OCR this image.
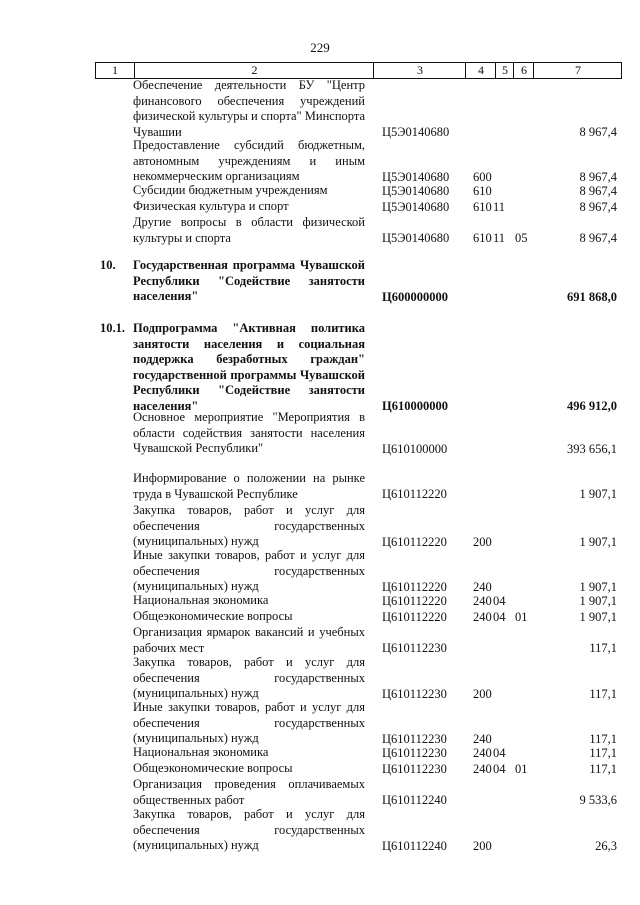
229
1	2	3	4	5	6	7
Обеспечение деятельности БУ "Центр финансового обеспечения учреждений физической культуры и спорта" Минспорта Чувашии	Ц5Э0140680	8 967,4
Предоставление субсидий бюджетным, автономным учреждениям и иным некоммерческим организациям	Ц5Э0140680 600	8 967,4
Субсидии бюджетным учреждениям	Ц5Э0140680 610	8 967,4
Физическая культура и спорт	Ц5Э0140680 610 11	8 967,4
Другие вопросы в области физической культуры и спорта	Ц5Э0140680 610 11 05	8 967,4
10.	Государственная программа Чувашской Республики "Содействие занятости населения"	Ц600000000	691 868,0
10.1. Подпрограмма "Активная политика занятости населения и социальная поддержка безработных граждан" государственной программы Чувашской Республики "Содействие занятости населения"	Ц610000000	496 912,0
Основное мероприятие "Мероприятия в области содействия занятости населения Чувашской Республики"	Ц610100000	393 656,1
Информирование о положении на рынке труда в Чувашской Республике	Ц610112220	1 907,1
Закупка товаров, работ и услуг для обеспечения государственных (муниципальных) нужд	Ц610112220 200	1 907,1
Иные закупки товаров, работ и услуг для обеспечения государственных (муниципальных) нужд	Ц610112220 240	1 907,1
Национальная экономика	Ц610112220 240 04	1 907,1
Общеэкономические вопросы	Ц610112220 240 04 01	1 907,1
Организация ярмарок вакансий и учебных рабочих мест	Ц610112230	117,1
Закупка товаров, работ и услуг для обеспечения государственных (муниципальных) нужд	Ц610112230 200	117,1
Иные закупки товаров, работ и услуг для обеспечения государственных (муниципальных) нужд	Ц610112230 240	117,1
Национальная экономика	Ц610112230 240 04	117,1
Общеэкономические вопросы	Ц610112230 240 04 01	117,1
Организация проведения оплачиваемых общественных работ	Ц610112240	9 533,6
Закупка товаров, работ и услуг для обеспечения государственных (муниципальных) нужд	Ц610112240 200	26,3
